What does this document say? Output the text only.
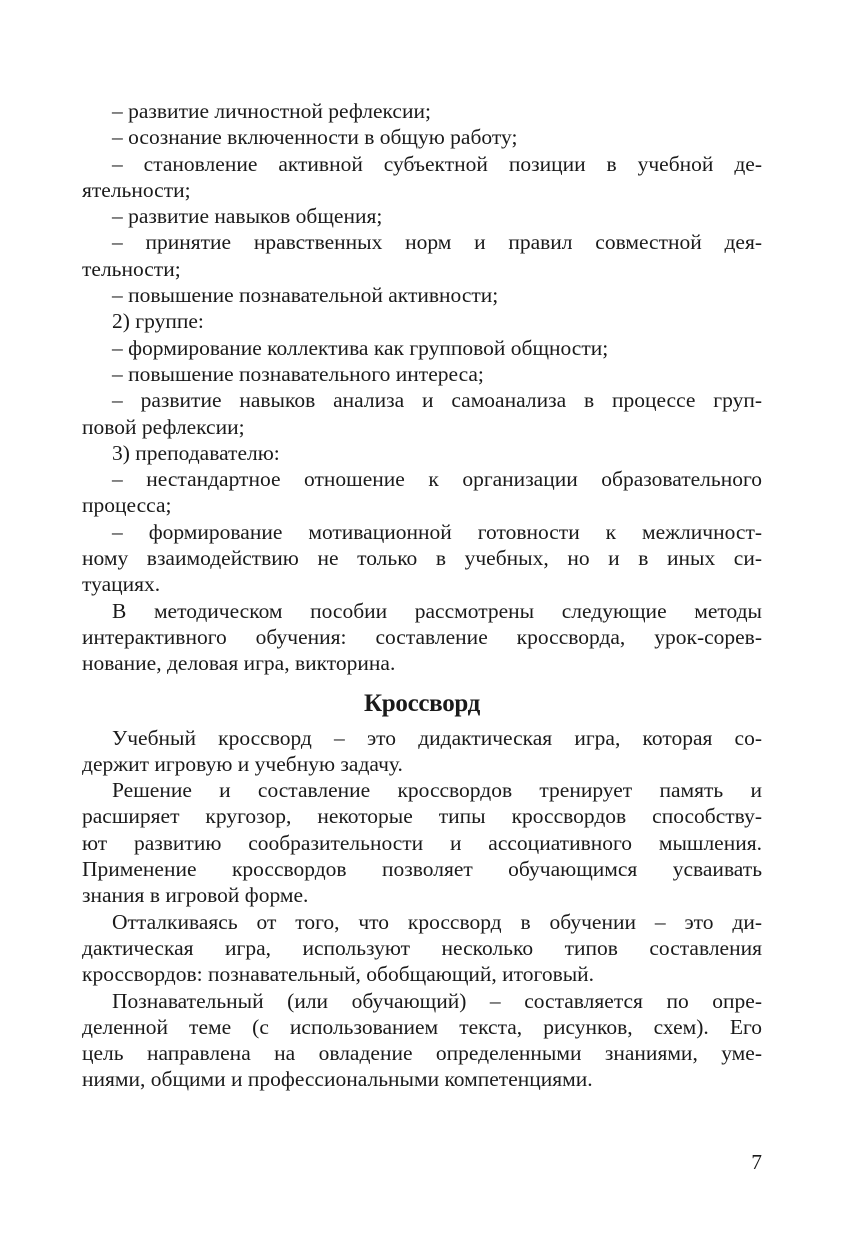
– развитие личностной рефлексии;
– осознание включенности в общую работу;
– становление активной субъектной позиции в учебной де-
ятельности;
– развитие навыков общения;
– принятие нравственных норм и правил совместной дея-
тельности;
– повышение познавательной активности;
2) группе:
– формирование коллектива как групповой общности;
– повышение познавательного интереса;
– развитие навыков анализа и самоанализа в процессе груп-
повой рефлексии;
3) преподавателю:
– нестандартное отношение к организации образовательного
процесса;
– формирование мотивационной готовности к межличност-
ному взаимодействию не только в учебных, но и в иных си-
туациях.
В методическом пособии рассмотрены следующие методы
интерактивного обучения: составление кроссворда, урок-сорев-
нование, деловая игра, викторина.
Кроссворд
Учебный кроссворд – это дидактическая игра, которая со-
держит игровую и учебную задачу.
Решение и составление кроссвордов тренирует память и
расширяет кругозор, некоторые типы кроссвордов способству-
ют развитию сообразительности и ассоциативного мышления.
Применение кроссвордов позволяет обучающимся усваивать
знания в игровой форме.
Отталкиваясь от того, что кроссворд в обучении – это ди-
дактическая игра, используют несколько типов составления
кроссвордов: познавательный, обобщающий, итоговый.
Познавательный (или обучающий) – составляется по опре-
деленной теме (с использованием текста, рисунков, схем). Его
цель направлена на овладение определенными знаниями, уме-
ниями, общими и профессиональными компетенциями.
7
